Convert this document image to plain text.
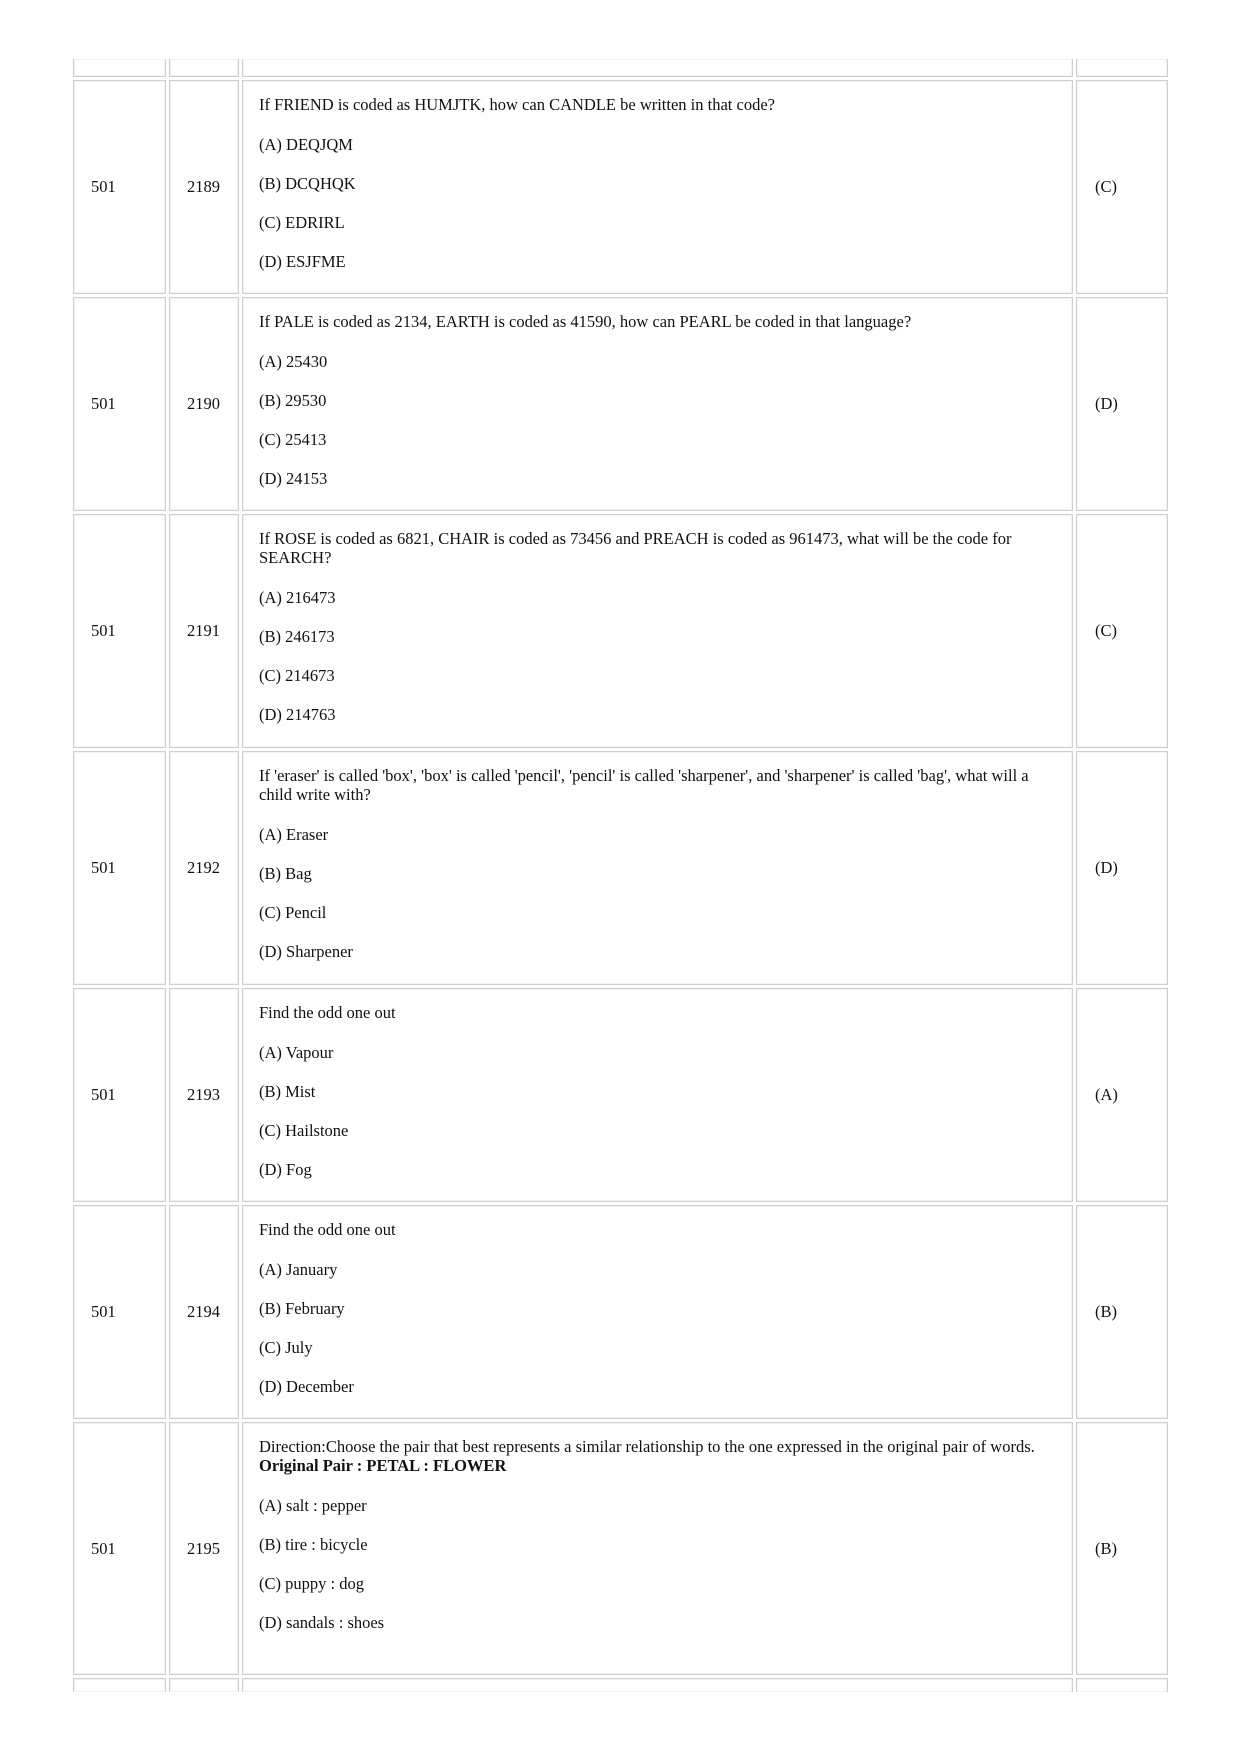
501	2189
If FRIEND is coded as HUMJTK, how can CANDLE be written in that code?
(A) DEQJQM
(B) DCQHQK
(C) EDRIRL
(D) ESJFME
(C)
501	2190
If PALE is coded as 2134, EARTH is coded as 41590, how can PEARL be coded in that language?
(A) 25430
(B) 29530
(C) 25413
(D) 24153
(D)
501	2191
If ROSE is coded as 6821, CHAIR is coded as 73456 and PREACH is coded as 961473, what will be the code for SEARCH?
(A) 216473
(B) 246173
(C) 214673
(D) 214763
(C)
501	2192
If 'eraser' is called 'box', 'box' is called 'pencil', 'pencil' is called 'sharpener', and 'sharpener' is called 'bag', what will a child write with?
(A) Eraser
(B) Bag
(C) Pencil
(D) Sharpener
(D)
501	2193
Find the odd one out
(A) Vapour
(B) Mist
(C) Hailstone
(D) Fog
(A)
501	2194
Find the odd one out
(A) January
(B) February
(C) July
(D) December
(B)
501	2195
Direction:Choose the pair that best represents a similar relationship to the one expressed in the original pair of words.
Original Pair : PETAL : FLOWER
(A) salt : pepper
(B) tire : bicycle
(C) puppy : dog
(D) sandals : shoes
(B)
